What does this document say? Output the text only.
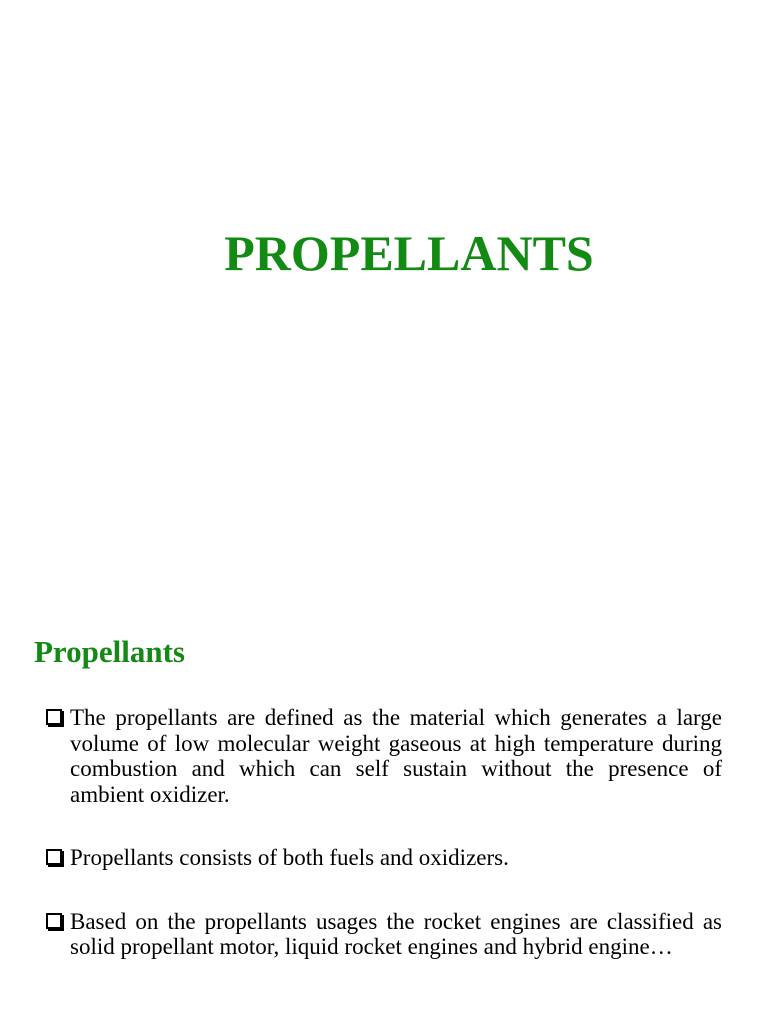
PROPELLANTS
Propellants
The propellants are defined as the material which generates a large volume of low molecular weight gaseous at high temperature during combustion and which can self sustain without the presence of ambient oxidizer.
Propellants consists of both fuels and oxidizers.
Based on the propellants usages the rocket engines are classified as solid propellant motor, liquid rocket engines and hybrid engine…
